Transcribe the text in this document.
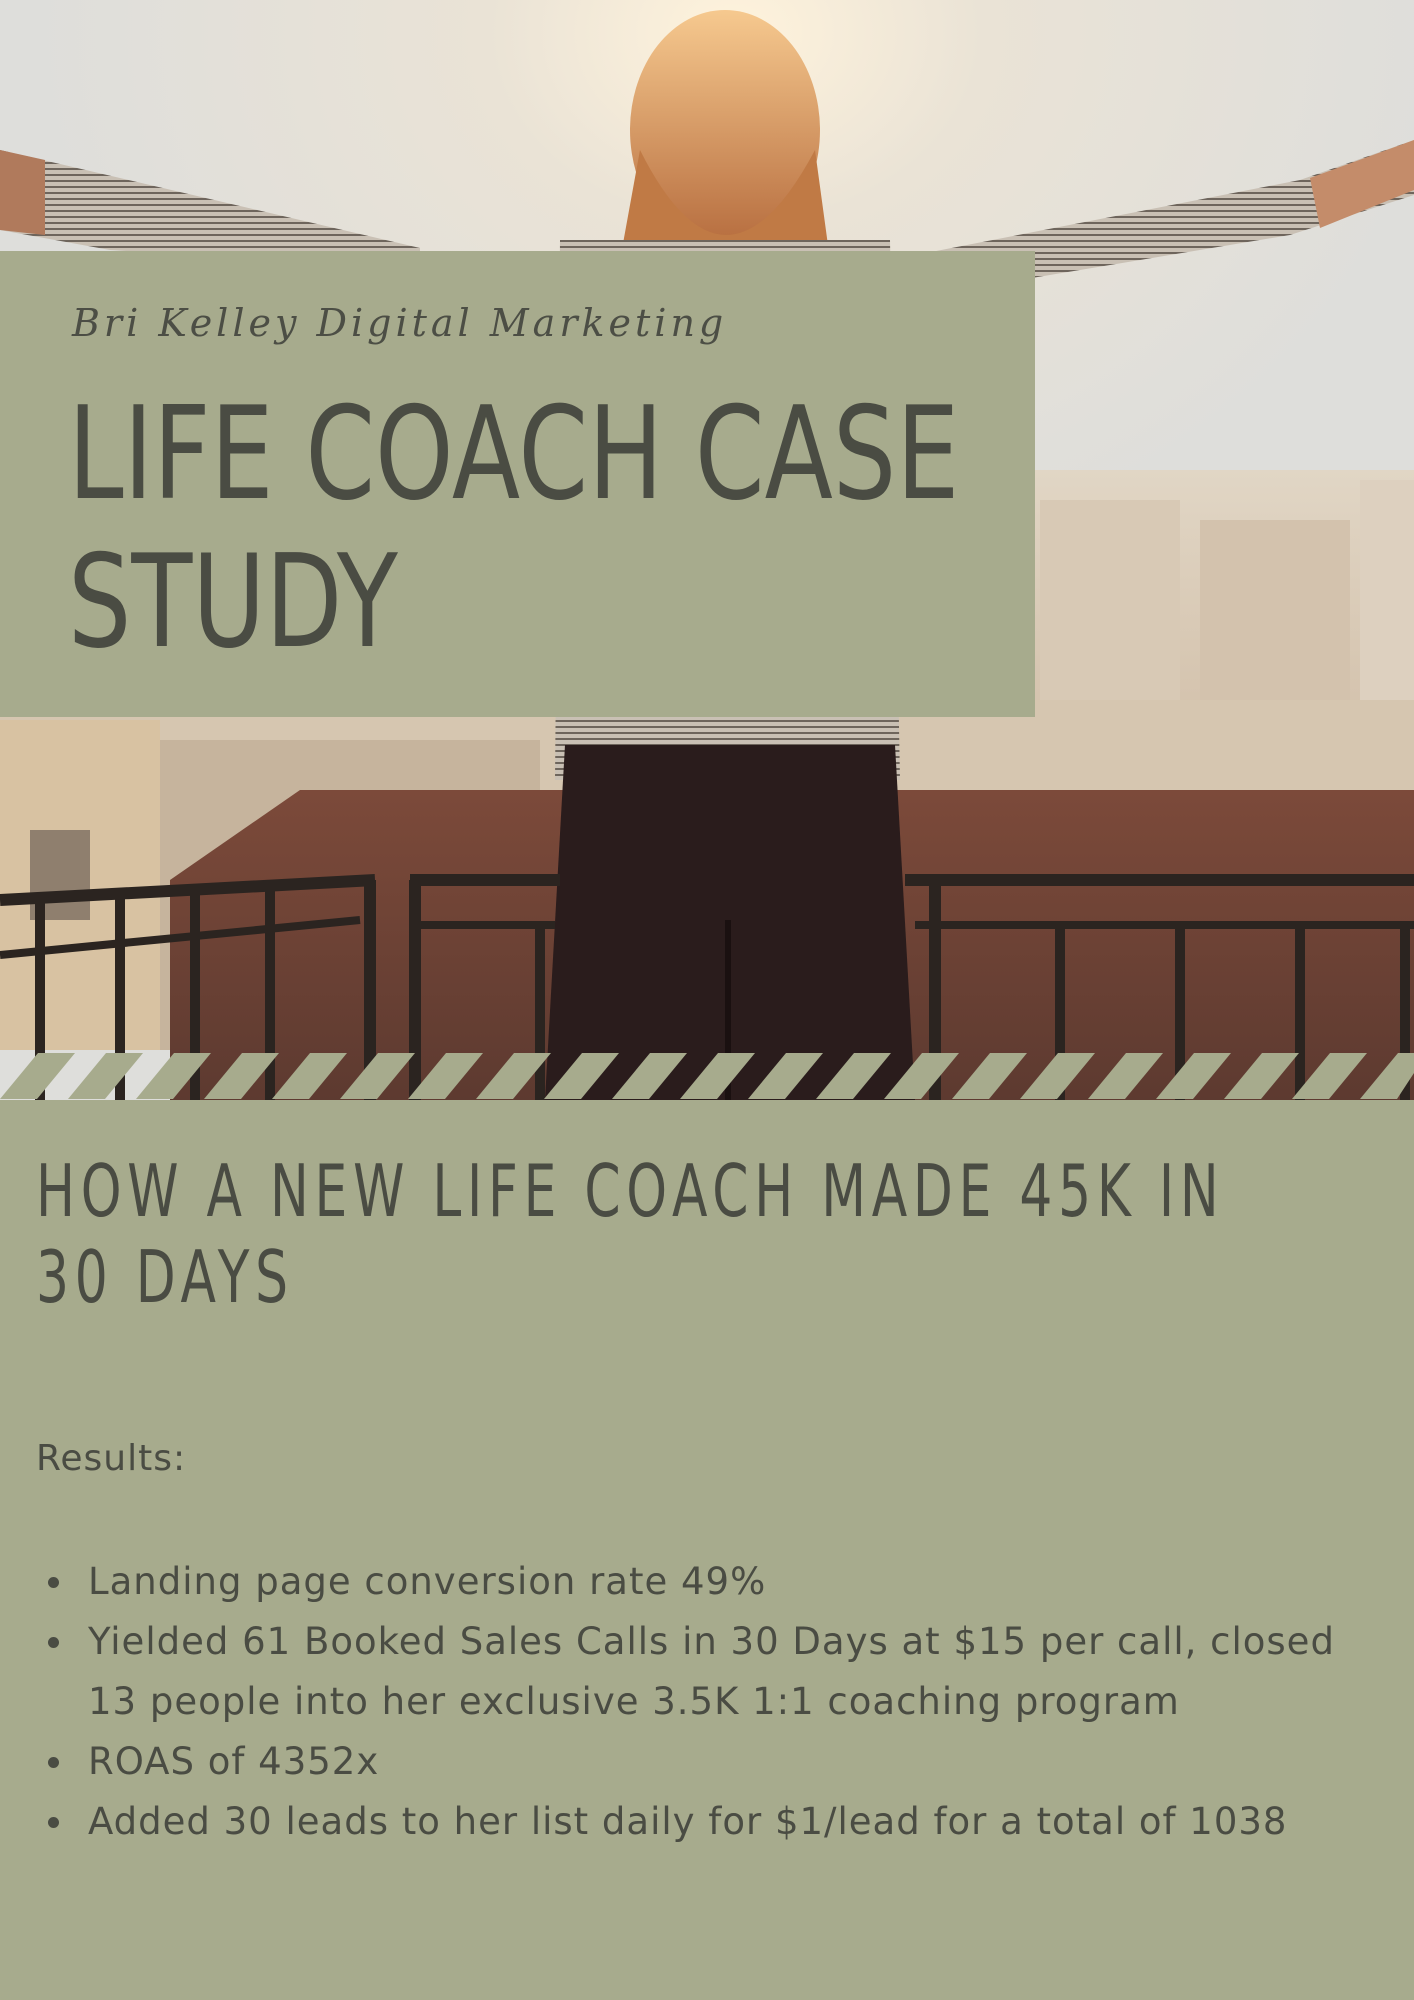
Bri Kelley Digital Marketing
LIFE COACH CASE
STUDY
HOW A NEW LIFE COACH MADE 45K IN
30 DAYS
Results:
Landing page conversion rate 49%
Yielded 61 Booked Sales Calls in 30 Days at $15 per call, closed 13 people into her exclusive 3.5K 1:1 coaching program
ROAS of 4352x
Added 30 leads to her list daily for $1/lead for a total of 1038
